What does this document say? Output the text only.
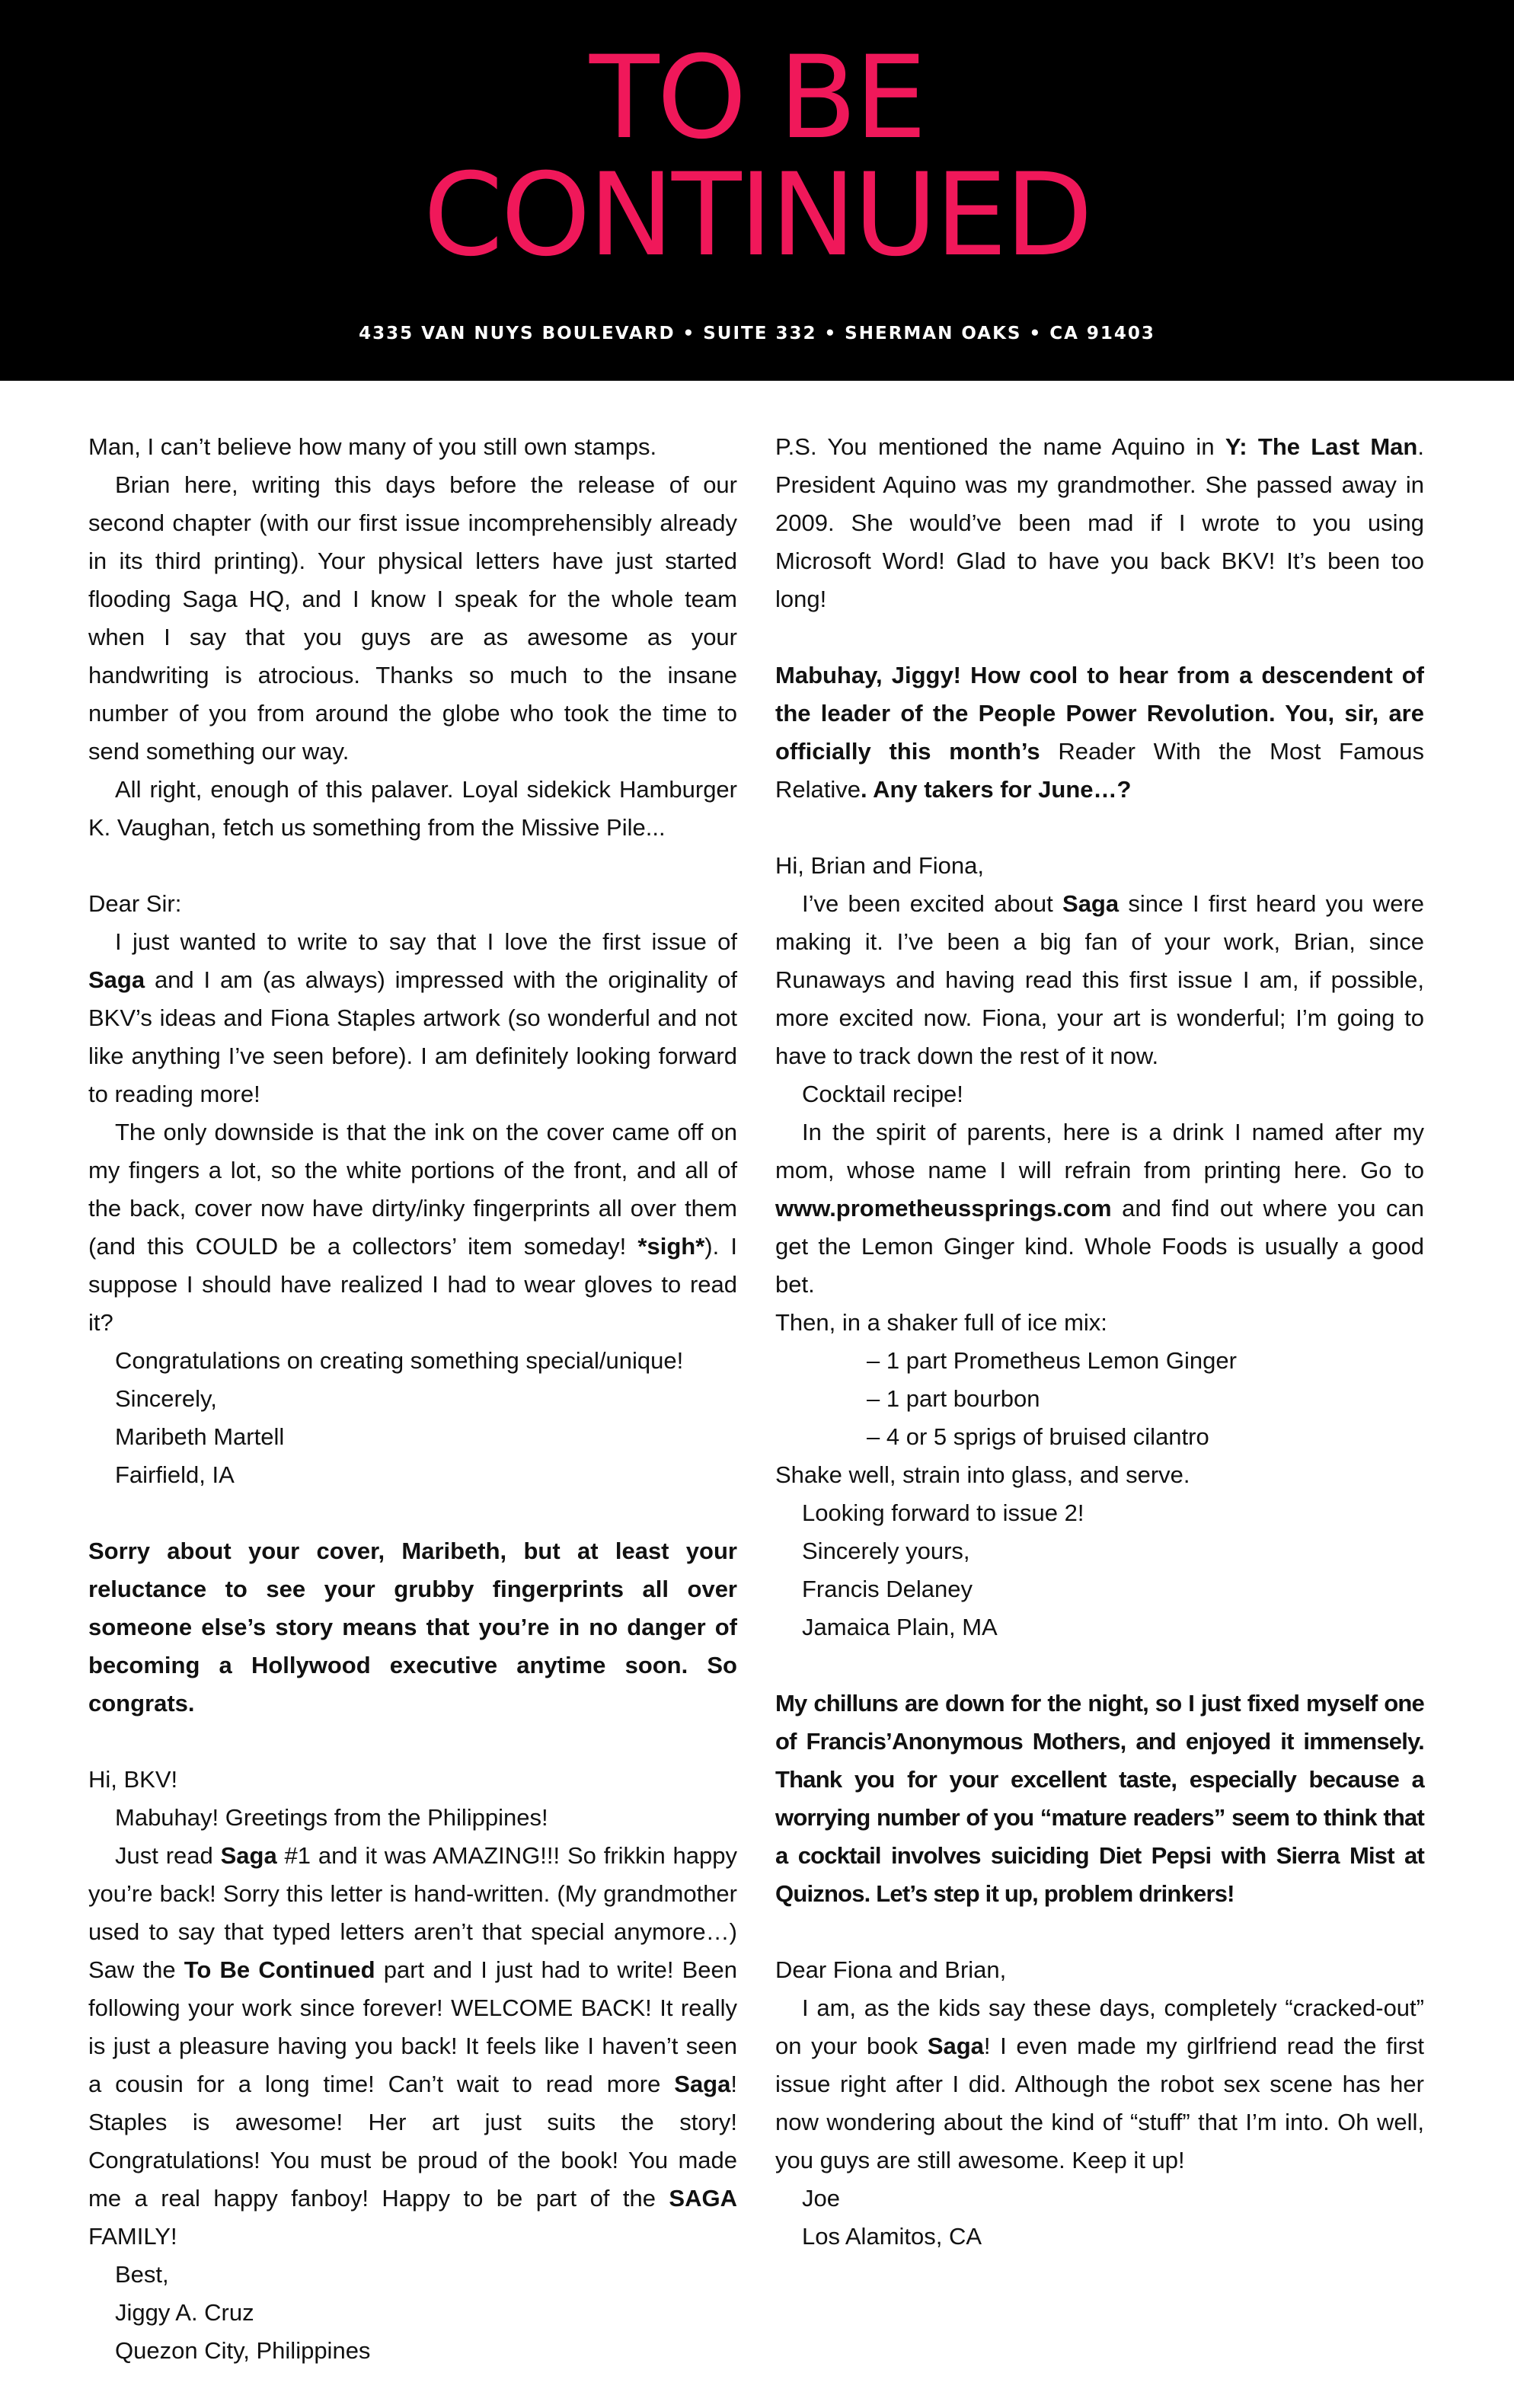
TO BE
CONTINUED
4335 VAN NUYS BOULEVARD • SUITE 332 • SHERMAN OAKS • CA 91403

Man, I can’t believe how many of you still own stamps.

Brian here, writing this days before the release of our second chapter (with our first issue incomprehensibly already in its third printing). Your physical letters have just started flooding Saga HQ, and I know I speak for the whole team when I say that you guys are as awesome as your handwriting is atrocious. Thanks so much to the insane number of you from around the globe who took the time to send something our way.

All right, enough of this palaver. Loyal sidekick Hamburger K. Vaughan, fetch us something from the Missive Pile...

Dear Sir:

I just wanted to write to say that I love the first issue of Saga and I am (as always) impressed with the originality of BKV’s ideas and Fiona Staples artwork (so wonderful and not like anything I’ve seen before). I am definitely looking forward to reading more!

The only downside is that the ink on the cover came off on my fingers a lot, so the white portions of the front, and all of the back, cover now have dirty/inky fingerprints all over them (and this COULD be a collectors’ item someday! *sigh*). I suppose I should have realized I had to wear gloves to read it?

Congratulations on creating something special/unique!

Sincerely,

Maribeth Martell

Fairfield, IA

Sorry about your cover, Maribeth, but at least your reluctance to see your grubby fingerprints all over someone else’s story means that you’re in no danger of becoming a Hollywood executive anytime soon. So congrats.

Hi, BKV!

Mabuhay! Greetings from the Philippines!

Just read Saga #1 and it was AMAZING!!! So frikkin happy you’re back! Sorry this letter is hand-written. (My grandmother used to say that typed letters aren’t that special anymore…) Saw the To Be Continued part and I just had to write! Been following your work since forever! WELCOME BACK! It really is just a pleasure having you back! It feels like I haven’t seen a cousin for a long time! Can’t wait to read more Saga! Staples is awesome! Her art just suits the story! Congratulations! You must be proud of the book! You made me a real happy fanboy! Happy to be part of the SAGA FAMILY!

Best,

Jiggy A. Cruz

Quezon City, Philippines

P.S. You mentioned the name Aquino in Y: The Last Man. President Aquino was my grandmother. She passed away in 2009. She would’ve been mad if I wrote to you using Microsoft Word! Glad to have you back BKV! It’s been too long!

Mabuhay, Jiggy! How cool to hear from a descendent of the leader of the People Power Revolution. You, sir, are officially this month’s Reader With the Most Famous Relative. Any takers for June…?

Hi, Brian and Fiona,

I’ve been excited about Saga since I first heard you were making it. I’ve been a big fan of your work, Brian, since Runaways and having read this first issue I am, if possible, more excited now. Fiona, your art is wonderful; I’m going to have to track down the rest of it now.

Cocktail recipe!

In the spirit of parents, here is a drink I named after my mom, whose name I will refrain from printing here. Go to www.prometheussprings.com and find out where you can get the Lemon Ginger kind. Whole Foods is usually a good bet.

Then, in a shaker full of ice mix:

– 1 part Prometheus Lemon Ginger

– 1 part bourbon

– 4 or 5 sprigs of bruised cilantro

Shake well, strain into glass, and serve.

Looking forward to issue 2!

Sincerely yours,

Francis Delaney

Jamaica Plain, MA

My chilluns are down for the night, so I just fixed myself one of Francis’Anonymous Mothers, and enjoyed it immensely. Thank you for your excellent taste, especially because a worrying number of you “mature readers” seem to think that a cocktail involves suiciding Diet Pepsi with Sierra Mist at Quiznos. Let’s step it up, problem drinkers!

Dear Fiona and Brian,

I am, as the kids say these days, completely “cracked-out” on your book Saga! I even made my girlfriend read the first issue right after I did. Although the robot sex scene has her now wondering about the kind of “stuff” that I’m into. Oh well, you guys are still awesome. Keep it up!

Joe

Los Alamitos, CA
